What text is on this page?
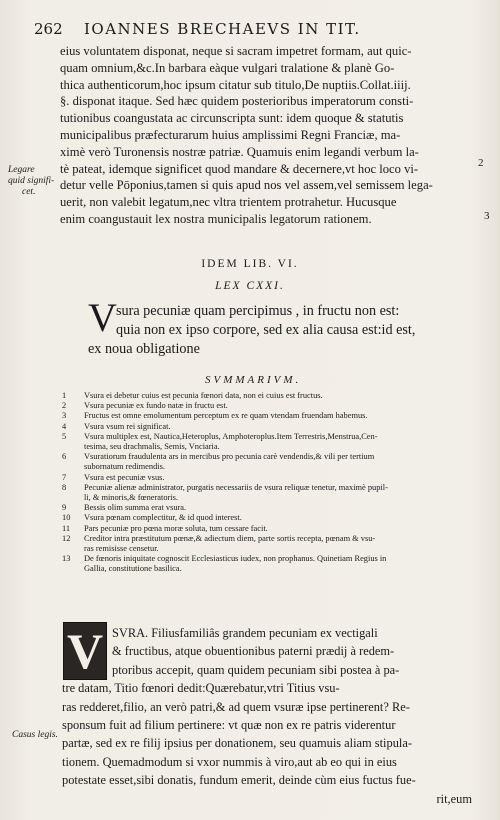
262 IOANNES BRECHAEVS IN TIT.
eius voluntatem disponat, neque si sacram impetret formam, aut quic-
quam omnium,&c.In barbara eàque vulgari tralatione & planè Go-
thica authenticorum,hoc ipsum citatur sub titulo,De nuptiis.Collat.iiij.
§. disponat itaque. Sed hæc quidem posterioribus imperatorum consti-
tutionibus coangustata ac circunscripta sunt: idem quoque & statutis
municipalibus præfecturarum huius amplissimi Regni Franciæ, ma-
ximè verò Turonensis nostræ patriæ. Quamuis enim legandi verbum la-
tè pateat, idemque significet quod mandare & decernere,vt hoc loco vi-
detur velle Pōponius,tamen si quis apud nos vel assem,vel semissem lega-
uerit, non valebit legatum,nec vltra trientem protrahetur. Hucusque
enim coangustauit lex nostra municipalis legatorum rationem.
Legare
quid signifi-
cet.
2
3
IDEM LIB. VI.
LEX CXXI.
V sura pecuniæ quam percipimus , in fructu non est:
quia non ex ipso corpore, sed ex alia causa est:id est,
ex noua obligatione
SVMMARIVM.
1	Vsura ei debetur cuius est pecunia fœnori data, non ei cuius est fructus.
2	Vsura pecuniæ ex fundo natæ in fructu est.
3	Fructus est omne emolumentum perceptum ex re quam vtendam fruendam habemus.
4	Vsura vsum rei significat.
5	Vsura multiplex est, Nautica,Heteroplus, Amphoteroplus.Item Terrestris,Menstrua,Cen-
tesima, seu drachmalis, Semis, Vnciaria.
6	Vsuratiorum fraudulenta ars in mercibus pro pecunia carè vendendis,& vili per tertium
subornatum redimendis.
7	Vsura est pecuniæ vsus.
8	Pecuniæ alienæ administrator, purgatis necessariis de vsura reliquæ tenetur, maximè pupil-
li, & minoris,& fœneratoris.
9	Bessis olim summa erat vsura.
10	Vsura pœnam complectitur, & id quod interest.
11	Pars pecuniæ pro pœna moræ soluta, tum cessare facit.
12	Creditor intra præstitutum pœnæ,& adiectum diem, parte sortis recepta, pœnam & vsu-
ras remisisse censetur.
13	De fœnoris iniquitate cognoscit Ecclesiasticus iudex, non prophanus. Quinetiam Regius in
Gallia, constitutione basilica.
V SVRA. Filiusfamiliâs grandem pecuniam ex vectigali
& fructibus, atque obuentionibus paterni prædij à redem-
ptoribus accepit, quam quidem pecuniam sibi postea à pa-
tre datam, Titio fœnori dedit:Quærebatur,vtri Titius vsu-
ras redderet,filio, an verò patri,& ad quem vsuræ ipse pertinerent? Re-
sponsum fuit ad filium pertinere: vt quæ non ex re patris viderentur
partæ, sed ex re filij ipsius per donationem, seu quamuis aliam stipula-
tionem. Quemadmodum si vxor nummis à viro,aut ab eo qui in eius
potestate esset,sibi donatis, fundum emerit, deinde cùm eius fuctus fue-
rit,eum
Casus legis.
